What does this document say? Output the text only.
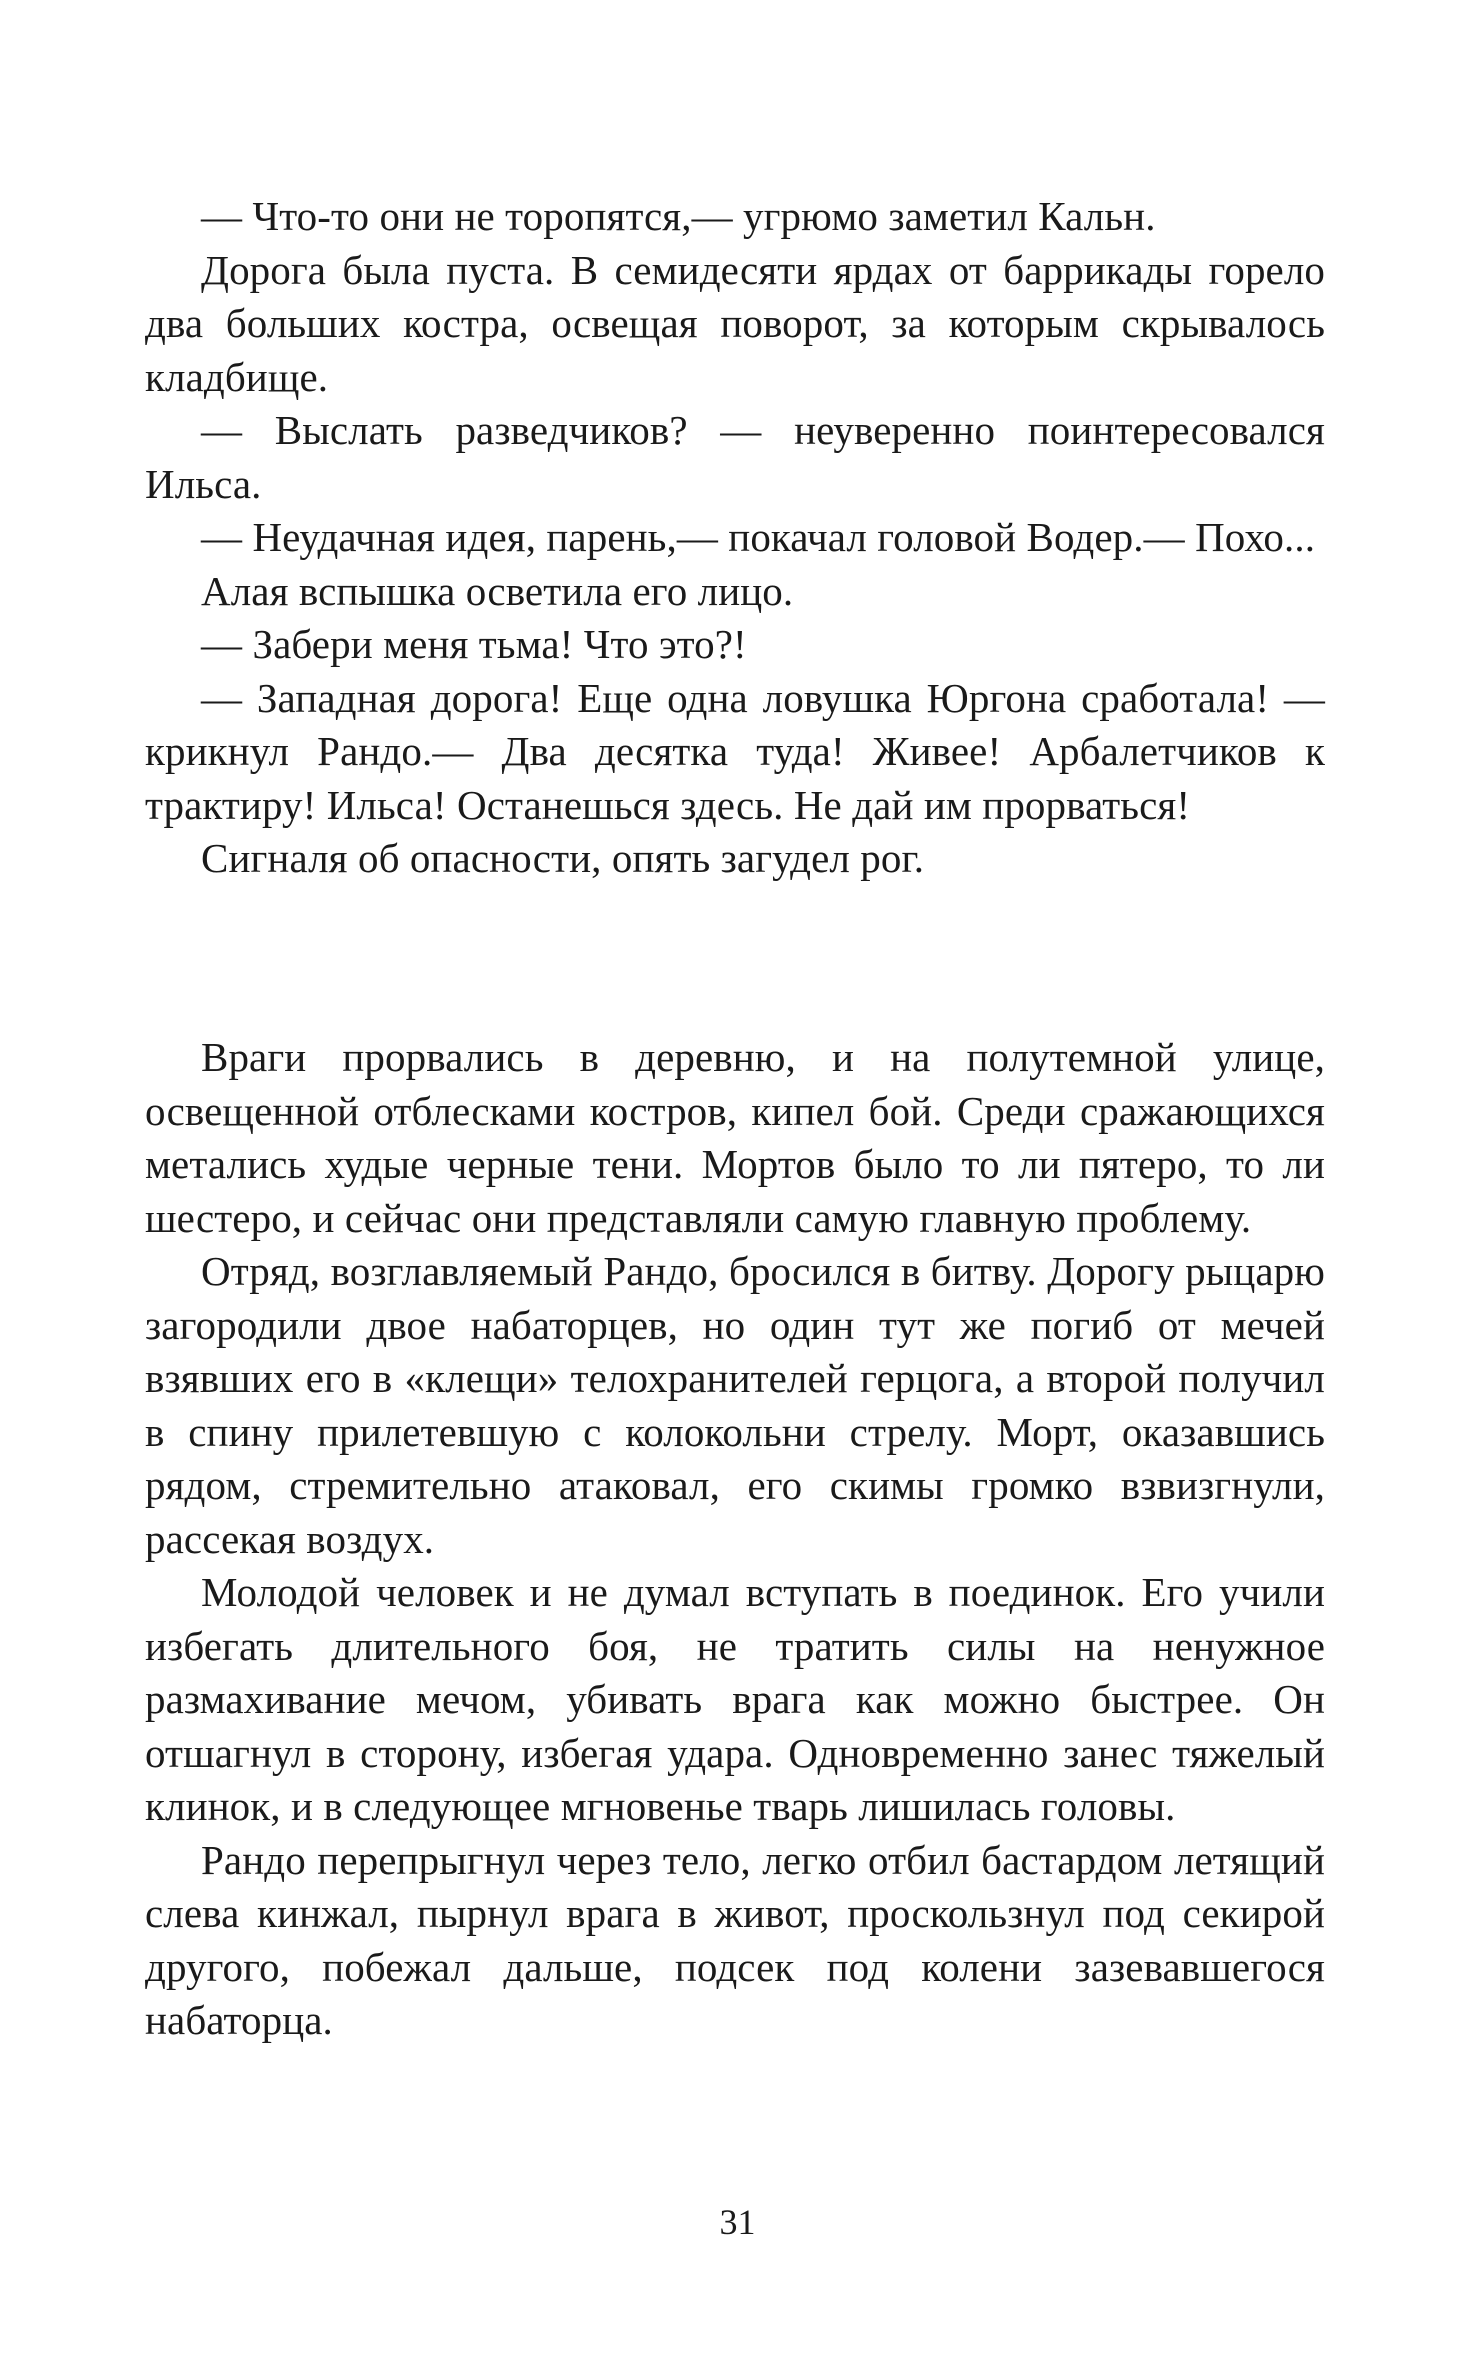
— Что-то они не торопятся,— угрюмо заметил Кальн.

Дорога была пуста. В семидесяти ярдах от баррикады горело два больших костра, освещая поворот, за которым скрывалось кладбище.

— Выслать разведчиков? — неуверенно поинтересовался Ильса.

— Неудачная идея, парень,— покачал головой Водер.— Похо...

Алая вспышка осветила его лицо.

— Забери меня тьма! Что это?!

— Западная дорога! Еще одна ловушка Юргона сработала! — крикнул Рандо.— Два десятка туда! Живее! Арбалетчиков к трактиру! Ильса! Останешься здесь. Не дай им прорваться!

Сигналя об опасности, опять загудел рог.

Враги прорвались в деревню, и на полутемной улице, освещенной отблесками костров, кипел бой. Среди сражающихся метались худые черные тени. Мортов было то ли пятеро, то ли шестеро, и сейчас они представляли самую главную проблему.

Отряд, возглавляемый Рандо, бросился в битву. Дорогу рыцарю загородили двое набаторцев, но один тут же погиб от мечей взявших его в «клещи» телохранителей герцога, а второй получил в спину прилетевшую с колокольни стрелу. Морт, оказавшись рядом, стремительно атаковал, его скимы громко взвизгнули, рассекая воздух.

Молодой человек и не думал вступать в поединок. Его учили избегать длительного боя, не тратить силы на ненужное размахивание мечом, убивать врага как можно быстрее. Он отшагнул в сторону, избегая удара. Одновременно занес тяжелый клинок, и в следующее мгновенье тварь лишилась головы.

Рандо перепрыгнул через тело, легко отбил бастардом летящий слева кинжал, пырнул врага в живот, проскользнул под секирой другого, побежал дальше, подсек под колени зазевавшегося набаторца.

31
